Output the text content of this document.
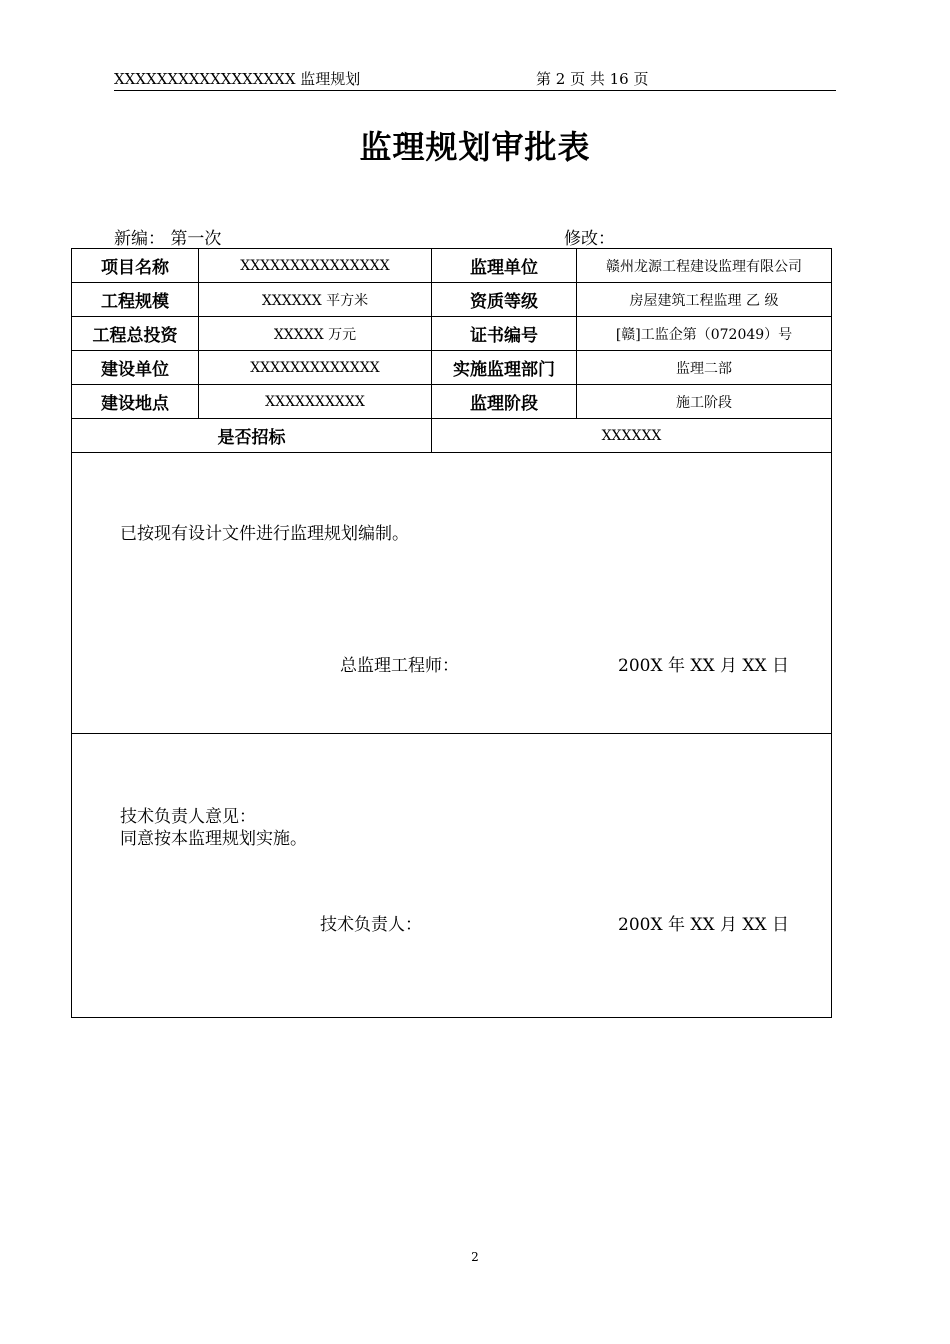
XXXXXXXXXXXXXXXXX 监理规划	第 2 页 共 16 页
监理规划审批表
新编： 第一次	修改：
项目名称	XXXXXXXXXXXXXXX	监理单位	赣州龙源工程建设监理有限公司
工程规模	XXXXXX 平方米	资质等级	房屋建筑工程监理 乙 级
工程总投资	XXXXX 万元	证书编号	[赣]工监企第（072049）号
建设单位	XXXXXXXXXXXXX	实施监理部门	监理二部
建设地点	XXXXXXXXXX	监理阶段	施工阶段
是否招标		XXXXXX	

已按现有设计文件进行监理规划编制。
总监理工程师： 200X 年 XX 月 XX 日			

技术负责人意见：
同意按本监理规划实施。
技术负责人： 200X 年 XX 月 XX 日			
2
